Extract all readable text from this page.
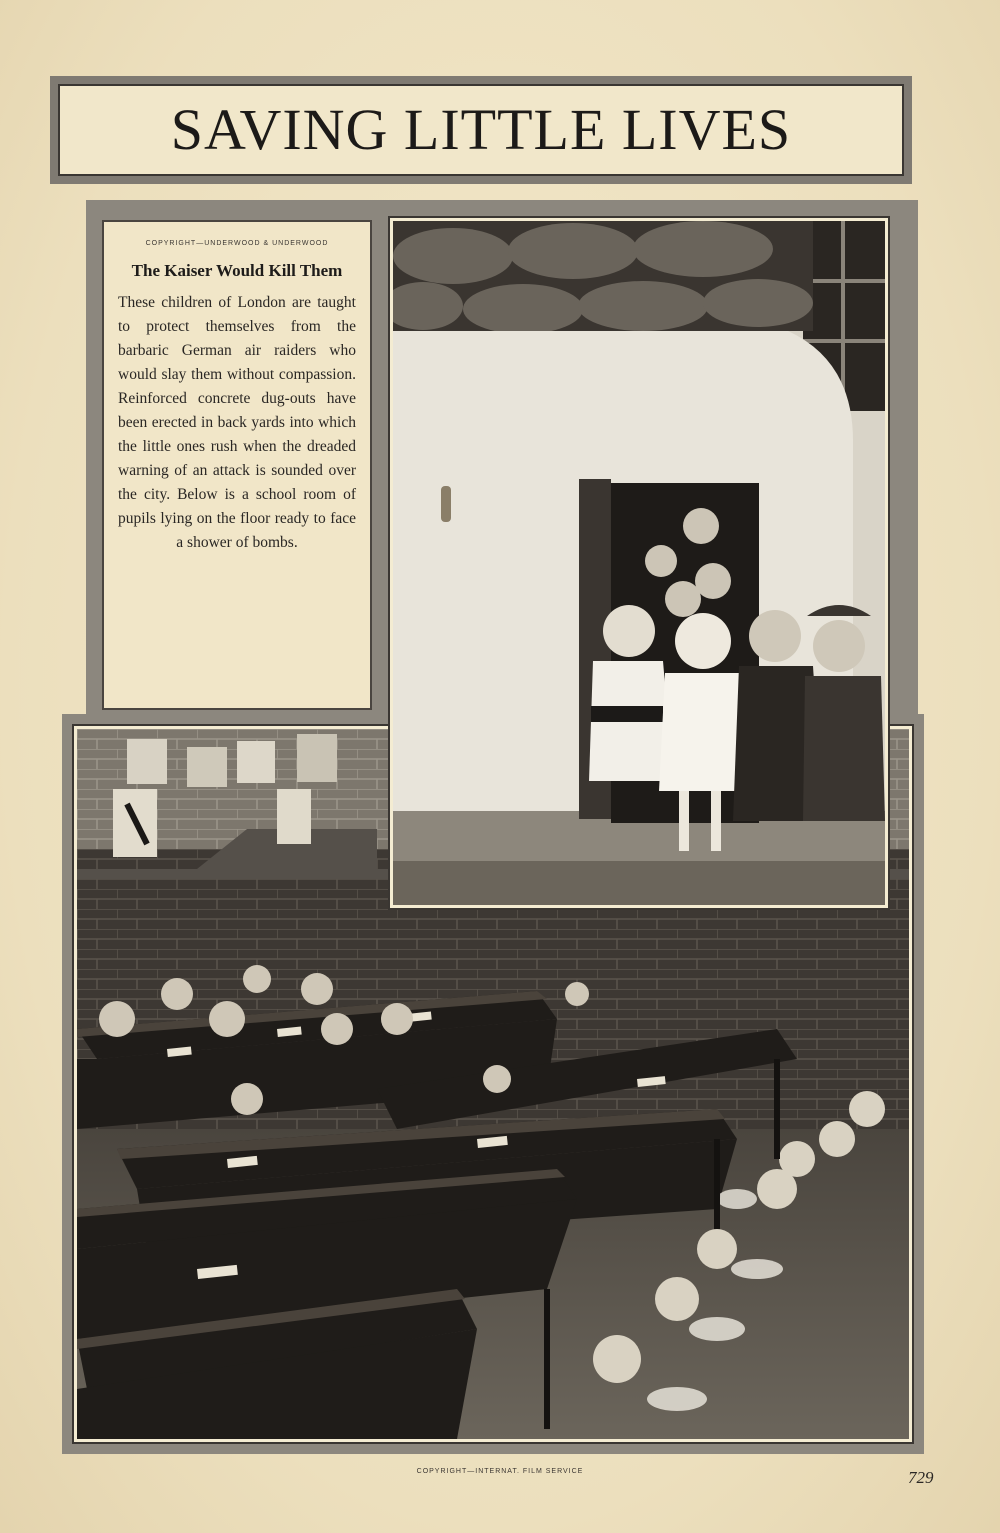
SAVING LITTLE LIVES

COPYRIGHT—UNDERWOOD & UNDERWOOD

The Kaiser Would Kill Them

These children of London are taught to protect themselves from the barbaric German air raiders who would slay them without compassion. Reinforced concrete dug-outs have been erected in back yards into which the little ones rush when the dreaded warning of an attack is sounded over the city. Below is a school room of pupils lying on the floor ready to face a shower of bombs.

COPYRIGHT—INTERNAT. FILM SERVICE	729
